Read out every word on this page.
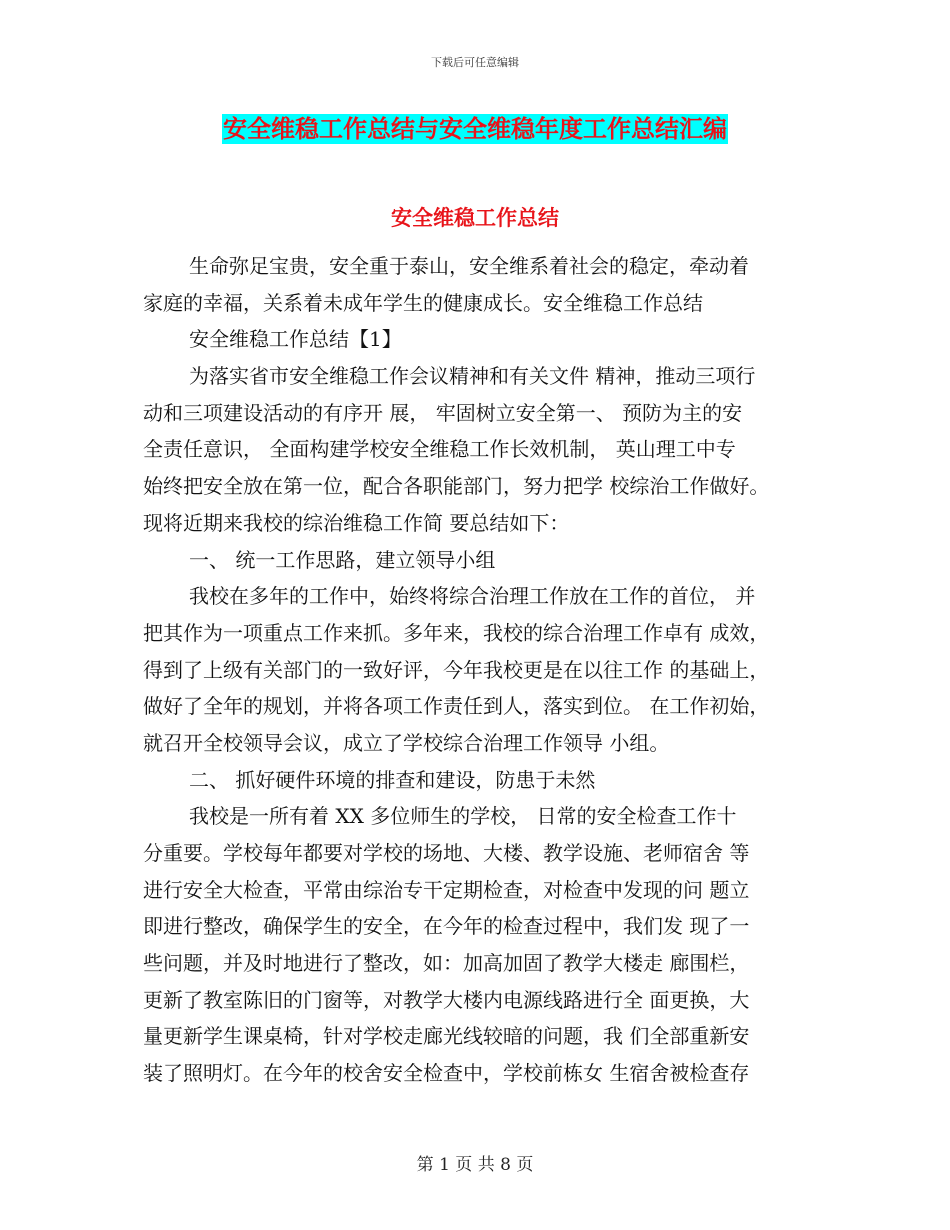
下载后可任意编辑
安全维稳工作总结与安全维稳年度工作总结汇编
安全维稳工作总结
生命弥足宝贵，安全重于泰山，安全维系着社会的稳定，牵动着
家庭的幸福，关系着未成年学生的健康成长。安全维稳工作总结
安全维稳工作总结【1】
为落实省市安全维稳工作会议精神和有关文件 精神，推动三项行
动和三项建设活动的有序开 展， 牢固树立安全第一、 预防为主的安
全责任意识， 全面构建学校安全维稳工作长效机制， 英山理工中专
始终把安全放在第一位，配合各职能部门，努力把学 校综治工作做好。
现将近期来我校的综治维稳工作简 要总结如下：
一、 统一工作思路，建立领导小组
我校在多年的工作中，始终将综合治理工作放在工作的首位， 并
把其作为一项重点工作来抓。多年来，我校的综合治理工作卓有 成效，
得到了上级有关部门的一致好评，今年我校更是在以往工作 的基础上，
做好了全年的规划，并将各项工作责任到人，落实到位。 在工作初始，
就召开全校领导会议，成立了学校综合治理工作领导 小组。
二、 抓好硬件环境的排查和建设，防患于未然
我校是一所有着 XX 多位师生的学校， 日常的安全检查工作十
分重要。学校每年都要对学校的场地、大楼、教学设施、老师宿舍 等
进行安全大检查，平常由综治专干定期检查，对检查中发现的问 题立
即进行整改，确保学生的安全，在今年的检查过程中，我们发 现了一
些问题，并及时地进行了整改，如：加高加固了教学大楼走 廊围栏，
更新了教室陈旧的门窗等，对教学大楼内电源线路进行全 面更换，大
量更新学生课桌椅，针对学校走廊光线较暗的问题，我 们全部重新安
装了照明灯。在今年的校舍安全检查中，学校前栋女 生宿舍被检查存
第 1 页 共 8 页
